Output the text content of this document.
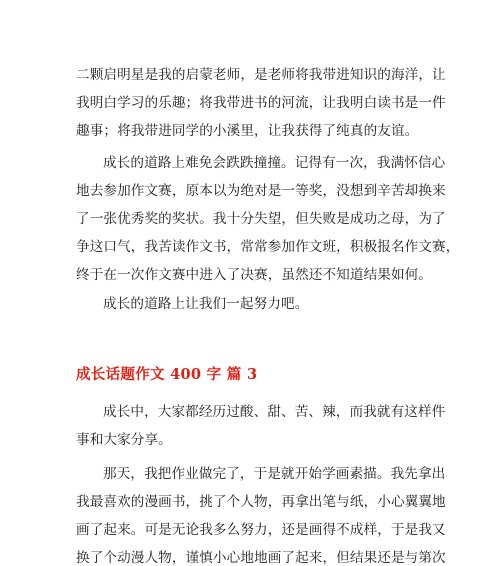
二颗启明星是我的启蒙老师，是老师将我带进知识的海洋，让
我明白学习的乐趣；将我带进书的河流，让我明白读书是一件
趣事；将我带进同学的小溪里，让我获得了纯真的友谊。
成长的道路上难免会跌跌撞撞。记得有一次，我满怀信心
地去参加作文赛，原本以为绝对是一等奖，没想到辛苦却换来
了一张优秀奖的奖状。我十分失望，但失败是成功之母，为了
争这口气，我苦读作文书，常常参加作文班，积极报名作文赛，
终于在一次作文赛中进入了决赛，虽然还不知道结果如何。
成长的道路上让我们一起努力吧。
成长话题作文 400 字 篇 3
成长中，大家都经历过酸、甜、苦、辣，而我就有这样件
事和大家分享。
那天，我把作业做完了，于是就开始学画素描。我先拿出
我最喜欢的漫画书，挑了个人物，再拿出笔与纸，小心翼翼地
画了起来。可是无论我多么努力，还是画得不成样，于是我又
换了个动漫人物，谨慎小心地地画了起来，但结果还是与第次
